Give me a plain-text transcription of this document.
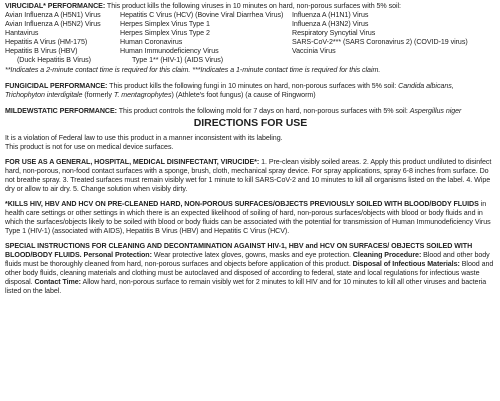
VIRUCIDAL* PERFORMANCE: This product kills the following viruses in 10 minutes on hard, non-porous surfaces with 5% soil:

Avian Influenza A (H5N1) Virus
Avian Influenza A (H5N2) Virus
Hantavirus
Hepatitis A Virus (HM-175)
Hepatitis B Virus (HBV)
(Duck Hepatitis B Virus)
Hepatitis C Virus (HCV) (Bovine Viral Diarrhea Virus)
Herpes Simplex Virus Type 1
Herpes Simplex Virus Type 2
Human Coronavirus
Human Immunodeficiency Virus
Type 1** (HIV-1) (AIDS Virus)
Influenza A (H1N1) Virus
Influenza A (H3N2) Virus
Respiratory Syncytial Virus
SARS-CoV-2*** (SARS Coronavirus 2) (COVID-19 virus)
Vaccinia Virus

**Indicates a 2-minute contact time is required for this claim. ***Indicates a 1-minute contact time is required for this claim.

FUNGICIDAL PERFORMANCE: This product kills the following fungi in 10 minutes on hard, non-porous surfaces with 5% soil: Candida albicans,
Trichophyton interdigitale (formerly T. mentagrophytes) (Athlete's foot fungus) (a cause of Ringworm)

MILDEWSTATIC PERFORMANCE: This product controls the following mold for 7 days on hard, non-porous surfaces with 5% soil: Aspergillus niger

DIRECTIONS FOR USE

It is a violation of Federal law to use this product in a manner inconsistent with its labeling.

This product is not for use on medical device surfaces.

FOR USE AS A GENERAL, HOSPITAL, MEDICAL DISINFECTANT, VIRUCIDE*: 1. Pre-clean visibly soiled areas. 2. Apply this product undiluted to disinfect hard, non-porous, non-food contact surfaces with a sponge, brush, cloth, mechanical spray device. For spray applications, spray 6-8 inches from surface. Do not breathe spray. 3. Treated surfaces must remain visibly wet for 1 minute to kill SARS-CoV-2 and 10 minutes to kill all organisms listed on the label. 4. Wipe dry or allow to air dry. 5. Change solution when visibly dirty.

*KILLS HIV, HBV AND HCV ON PRE-CLEANED HARD, NON-POROUS SURFACES/OBJECTS PREVIOUSLY SOILED WITH BLOOD/BODY FLUIDS in health care settings or other settings in which there is an expected likelihood of soiling of hard, non-porous surfaces/objects with blood or body fluids and in which the surfaces/objects likely to be soiled with blood or body fluids can be associated with the potential for transmission of Human Immunodeficiency Virus Type 1 (HIV-1) (associated with AIDS), Hepatitis B Virus (HBV) and Hepatitis C Virus (HCV).

SPECIAL INSTRUCTIONS FOR CLEANING AND DECONTAMINATION AGAINST HIV-1, HBV and HCV ON SURFACES/ OBJECTS SOILED WITH BLOOD/BODY FLUIDS. Personal Protection: Wear protective latex gloves, gowns, masks and eye protection. Cleaning Procedure: Blood and other body fluids must be thoroughly cleaned from hard, non-porous surfaces and objects before application of this product. Disposal of Infectious Materials: Blood and other body fluids, cleaning materials and clothing must be autoclaved and disposed of according to federal, state and local regulations for infectious waste disposal. Contact Time: Allow hard, non-porous surface to remain visibly wet for 2 minutes to kill HIV and for 10 minutes to kill all other viruses and bacteria listed on the label.
